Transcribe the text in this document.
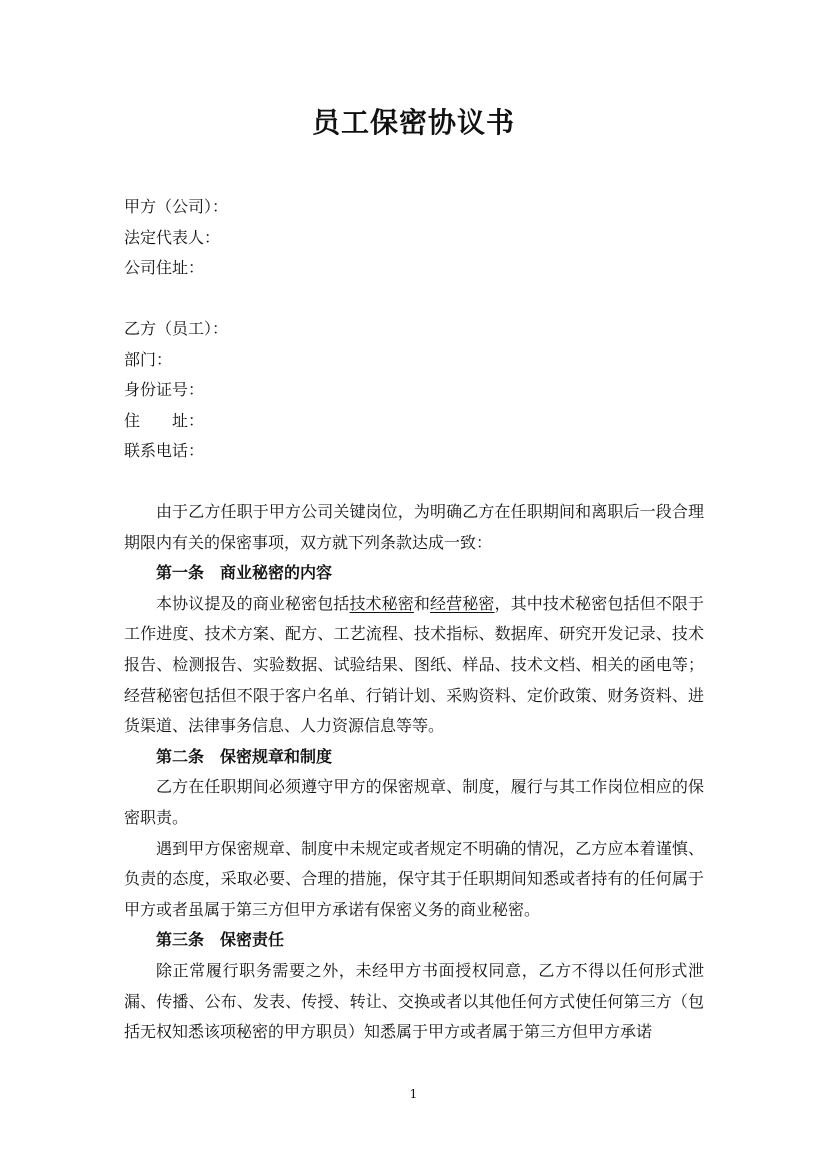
员工保密协议书
甲方（公司）：
法定代表人：
公司住址：
乙方（员工）：
部门：
身份证号：
住　　址：
联系电话：

由于乙方任职于甲方公司关键岗位，为明确乙方在任职期间和离职后一段合理期限内有关的保密事项，双方就下列条款达成一致：

第一条 商业秘密的内容

本协议提及的商业秘密包括技术秘密和经营秘密，其中技术秘密包括但不限于工作进度、技术方案、配方、工艺流程、技术指标、数据库、研究开发记录、技术报告、检测报告、实验数据、试验结果、图纸、样品、技术文档、相关的函电等；经营秘密包括但不限于客户名单、行销计划、采购资料、定价政策、财务资料、进货渠道、法律事务信息、人力资源信息等等。

第二条 保密规章和制度

乙方在任职期间必须遵守甲方的保密规章、制度，履行与其工作岗位相应的保密职责。

遇到甲方保密规章、制度中未规定或者规定不明确的情况，乙方应本着谨慎、负责的态度，采取必要、合理的措施，保守其于任职期间知悉或者持有的任何属于甲方或者虽属于第三方但甲方承诺有保密义务的商业秘密。

第三条 保密责任

除正常履行职务需要之外，未经甲方书面授权同意，乙方不得以任何形式泄漏、传播、公布、发表、传授、转让、交换或者以其他任何方式使任何第三方（包括无权知悉该项秘密的甲方职员）知悉属于甲方或者属于第三方但甲方承诺

1
